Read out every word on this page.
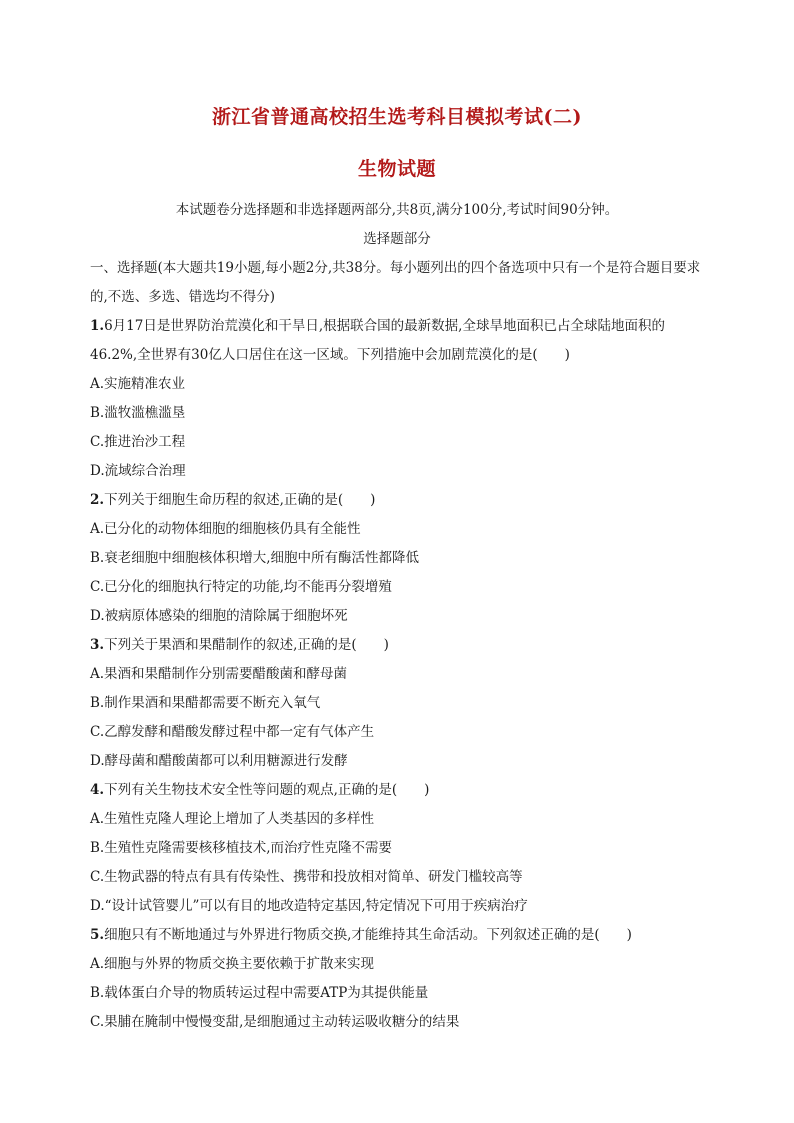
浙江省普通高校招生选考科目模拟考试(二)
生物试题
本试题卷分选择题和非选择题两部分,共8页,满分100分,考试时间90分钟。
选择题部分
一、选择题(本大题共19小题,每小题2分,共38分。每小题列出的四个备选项中只有一个是符合题目要求的,不选、多选、错选均不得分)
1.6月17日是世界防治荒漠化和干旱日,根据联合国的最新数据,全球旱地面积已占全球陆地面积的46.2%,全世界有30亿人口居住在这一区域。下列措施中会加剧荒漠化的是(　　)
A.实施精准农业
B.滥牧滥樵滥垦
C.推进治沙工程
D.流域综合治理
2.下列关于细胞生命历程的叙述,正确的是(　　)
A.已分化的动物体细胞的细胞核仍具有全能性
B.衰老细胞中细胞核体积增大,细胞中所有酶活性都降低
C.已分化的细胞执行特定的功能,均不能再分裂增殖
D.被病原体感染的细胞的清除属于细胞坏死
3.下列关于果酒和果醋制作的叙述,正确的是(　　)
A.果酒和果醋制作分别需要醋酸菌和酵母菌
B.制作果酒和果醋都需要不断充入氧气
C.乙醇发酵和醋酸发酵过程中都一定有气体产生
D.酵母菌和醋酸菌都可以利用糖源进行发酵
4.下列有关生物技术安全性等问题的观点,正确的是(　　)
A.生殖性克隆人理论上增加了人类基因的多样性
B.生殖性克隆需要核移植技术,而治疗性克隆不需要
C.生物武器的特点有具有传染性、携带和投放相对简单、研发门槛较高等
D.“设计试管婴儿”可以有目的地改造特定基因,特定情况下可用于疾病治疗
5.细胞只有不断地通过与外界进行物质交换,才能维持其生命活动。下列叙述正确的是(　　)
A.细胞与外界的物质交换主要依赖于扩散来实现
B.载体蛋白介导的物质转运过程中需要ATP为其提供能量
C.果脯在腌制中慢慢变甜,是细胞通过主动转运吸收糖分的结果
